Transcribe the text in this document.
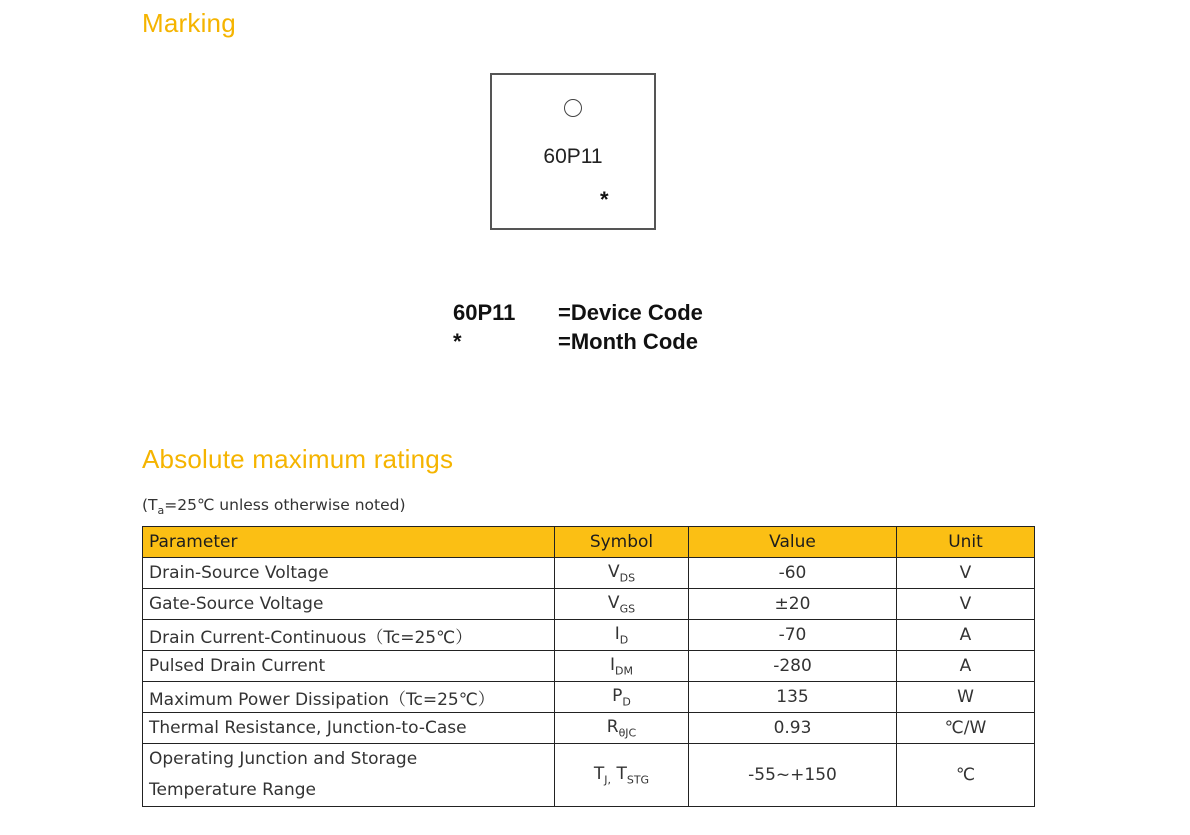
Marking
60P11
*
60P11	=Device Code
*	=Month Code
Absolute maximum ratings
($T_a=25℃$ unless otherwise noted)
Parameter	Symbol	Value	Unit
Drain-Source Voltage	$V_{DS}$	-60	V
Gate-Source Voltage	$V_{GS}$	±20	V
Drain Current-Continuous（Tc=25℃）	$I_D$	-70	A
Pulsed Drain Current	$I_{DM}$	-280	A
Maximum Power Dissipation（Tc=25℃）	$P_D$	135	W
Thermal Resistance, Junction-to-Case	$R_{\theta JC}$	0.93	℃/W

Operating Junction and Storage
Temperature Range	$T_{J,}$ $T_{STG}$	-55~+150	℃
